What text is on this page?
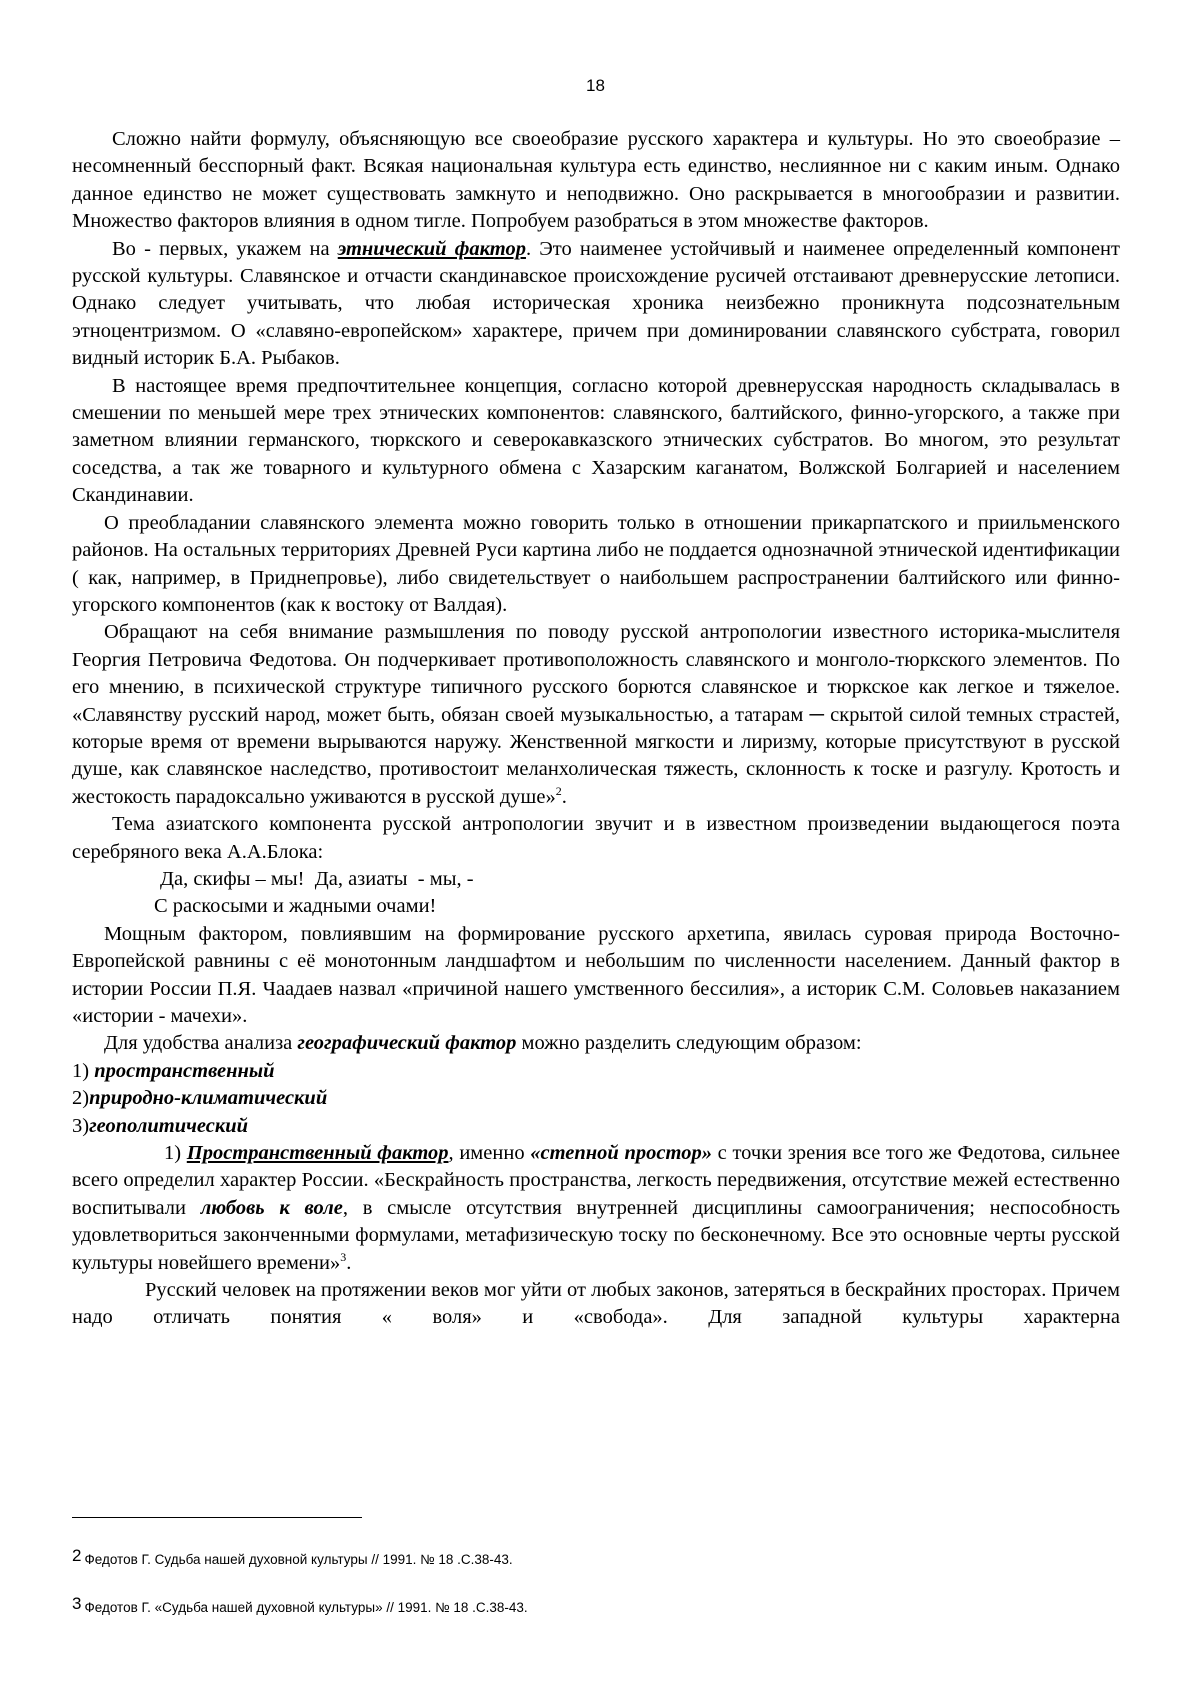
18

Сложно найти формулу, объясняющую все своеобразие русского характера и культуры. Но это своеобразие – несомненный бесспорный факт. Всякая национальная культура есть единство, неслиянное ни с каким иным. Однако данное единство не может существовать замкнуто и неподвижно. Оно раскрывается в многообразии и развитии. Множество факторов влияния в одном тигле. Попробуем разобраться в этом множестве факторов.

Во - первых, укажем на этнический фактор. Это наименее устойчивый и наименее определенный компонент русской культуры. Славянское и отчасти скандинавское происхождение русичей отстаивают древнерусские летописи. Однако следует учитывать, что любая историческая хроника неизбежно проникнута подсознательным этноцентризмом. О «славяно-европейском» характере, причем при доминировании славянского субстрата, говорил видный историк Б.А. Рыбаков.

В настоящее время предпочтительнее концепция, согласно которой древнерусская народность складывалась в смешении по меньшей мере трех этнических компонентов: славянского, балтийского, финно-угорского, а также при заметном влиянии германского, тюркского и северокавказского этнических субстратов. Во многом, это результат соседства, а так же товарного и культурного обмена с Хазарским каганатом, Волжской Болгарией и населением Скандинавии.

О преобладании славянского элемента можно говорить только в отношении прикарпатского и приильменского районов. На остальных территориях Древней Руси картина либо не поддается однозначной этнической идентификации ( как, например, в Приднепровье), либо свидетельствует о наибольшем распространении балтийского или финно-угорского компонентов (как к востоку от Валдая).

Обращают на себя внимание размышления по поводу русской антропологии известного историка-мыслителя Георгия Петровича Федотова. Он подчеркивает противоположность славянского и монголо-тюркского элементов. По его мнению, в психической структуре типичного русского борются славянское и тюркское как легкое и тяжелое. «Славянству русский народ, может быть, обязан своей музыкальностью, а татарам ─ скрытой силой темных страстей, которые время от времени вырываются наружу. Женственной мягкости и лиризму, которые присутствуют в русской душе, как славянское наследство, противостоит меланхолическая тяжесть, склонность к тоске и разгулу. Кротость и жестокость парадоксально уживаются в русской душе»$^2$.

Тема азиатского компонента русской антропологии звучит и в известном произведении выдающегося поэта серебряного века А.А.Блока:

Да, скифы – мы!  Да, азиаты  - мы, -

С раскосыми и жадными очами!

Мощным фактором, повлиявшим на формирование русского архетипа, явилась суровая природа Восточно-Европейской равнины с её монотонным ландшафтом и небольшим по численности населением. Данный фактор в истории России П.Я. Чаадаев назвал «причиной нашего умственного бессилия», а историк С.М. Соловьев наказанием «истории - мачехи».

Для удобства анализа географический фактор можно разделить следующим образом:

1) пространственный

2)природно-климатический

3)геополитический

1) Пространственный фактор, именно «степной простор» с точки зрения все того же Федотова, сильнее всего определил характер России. «Бескрайность пространства, легкость передвижения, отсутствие межей естественно воспитывали любовь к воле, в смысле отсутствия внутренней дисциплины самоограничения; неспособность удовлетвориться законченными формулами, метафизическую тоску по бесконечному. Все это основные черты русской культуры новейшего времени»$^3$.

Русский человек на протяжении веков мог уйти от любых законов, затеряться в бескрайних просторах. Причем надо отличать понятия « воля» и «свобода». Для западной культуры характерна

2 Федотов Г. Судьба нашей духовной культуры // 1991. № 18 .С.38-43.
3 Федотов Г. «Судьба нашей духовной культуры» // 1991. № 18 .С.38-43.
